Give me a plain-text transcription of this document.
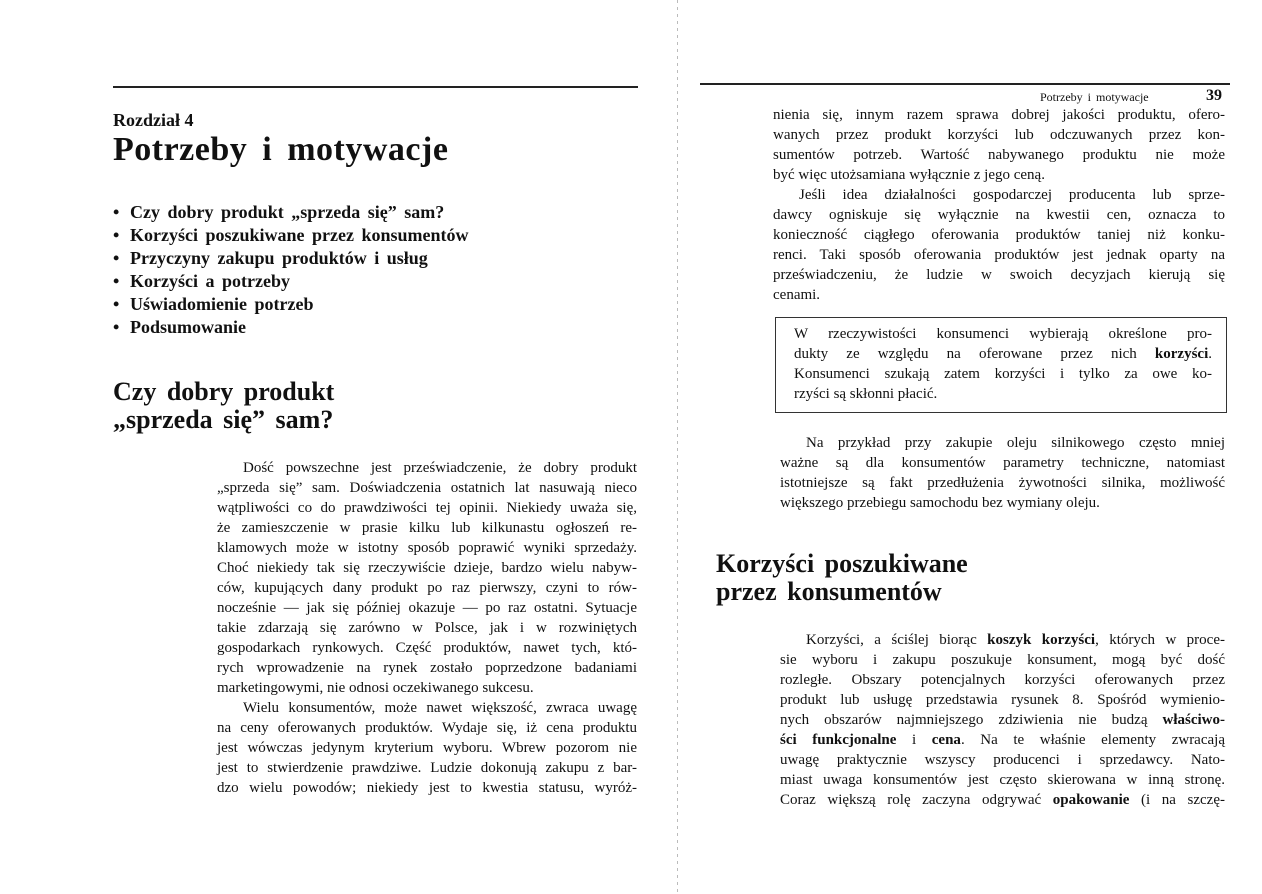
Rozdział 4
Potrzeby i motywacje
• Czy dobry produkt „sprzeda się” sam?
• Korzyści poszukiwane przez konsumentów
• Przyczyny zakupu produktów i usług
• Korzyści a potrzeby
• Uświadomienie potrzeb
• Podsumowanie
Czy dobry produkt
„sprzeda się” sam?
Dość powszechne jest przeświadczenie, że dobry produkt
„sprzeda się” sam. Doświadczenia ostatnich lat nasuwają nieco
wątpliwości co do prawdziwości tej opinii. Niekiedy uważa się,
że zamieszczenie w prasie kilku lub kilkunastu ogłoszeń re-
klamowych może w istotny sposób poprawić wyniki sprzedaży.
Choć niekiedy tak się rzeczywiście dzieje, bardzo wielu nabyw-
ców, kupujących dany produkt po raz pierwszy, czyni to rów-
nocześnie — jak się później okazuje — po raz ostatni. Sytuacje
takie zdarzają się zarówno w Polsce, jak i w rozwiniętych
gospodarkach rynkowych. Część produktów, nawet tych, któ-
rych wprowadzenie na rynek zostało poprzedzone badaniami
marketingowymi, nie odnosi oczekiwanego sukcesu.
Wielu konsumentów, może nawet większość, zwraca uwagę
na ceny oferowanych produktów. Wydaje się, iż cena produktu
jest wówczas jedynym kryterium wyboru. Wbrew pozorom nie
jest to stwierdzenie prawdziwe. Ludzie dokonują zakupu z bar-
dzo wielu powodów; niekiedy jest to kwestia statusu, wyróż-
Potrzeby i motywacje	39
nienia się, innym razem sprawa dobrej jakości produktu, ofero-
wanych przez produkt korzyści lub odczuwanych przez kon-
sumentów potrzeb. Wartość nabywanego produktu nie może
być więc utożsamiana wyłącznie z jego ceną.
Jeśli idea działalności gospodarczej producenta lub sprze-
dawcy ogniskuje się wyłącznie na kwestii cen, oznacza to
konieczność ciągłego oferowania produktów taniej niż konku-
renci. Taki sposób oferowania produktów jest jednak oparty na
przeświadczeniu, że ludzie w swoich decyzjach kierują się
cenami.
W rzeczywistości konsumenci wybierają określone pro-
dukty ze względu na oferowane przez nich korzyści.
Konsumenci szukają zatem korzyści i tylko za owe ko-
rzyści są skłonni płacić.
Na przykład przy zakupie oleju silnikowego często mniej
ważne są dla konsumentów parametry techniczne, natomiast
istotniejsze są fakt przedłużenia żywotności silnika, możliwość
większego przebiegu samochodu bez wymiany oleju.
Korzyści poszukiwane
przez konsumentów
Korzyści, a ściślej biorąc koszyk korzyści, których w proce-
sie wyboru i zakupu poszukuje konsument, mogą być dość
rozległe. Obszary potencjalnych korzyści oferowanych przez
produkt lub usługę przedstawia rysunek 8. Spośród wymienio-
nych obszarów najmniejszego zdziwienia nie budzą właściwo-
ści funkcjonalne i cena. Na te właśnie elementy zwracają
uwagę praktycznie wszyscy producenci i sprzedawcy. Nato-
miast uwaga konsumentów jest często skierowana w inną stronę.
Coraz większą rolę zaczyna odgrywać opakowanie (i na szczę-
